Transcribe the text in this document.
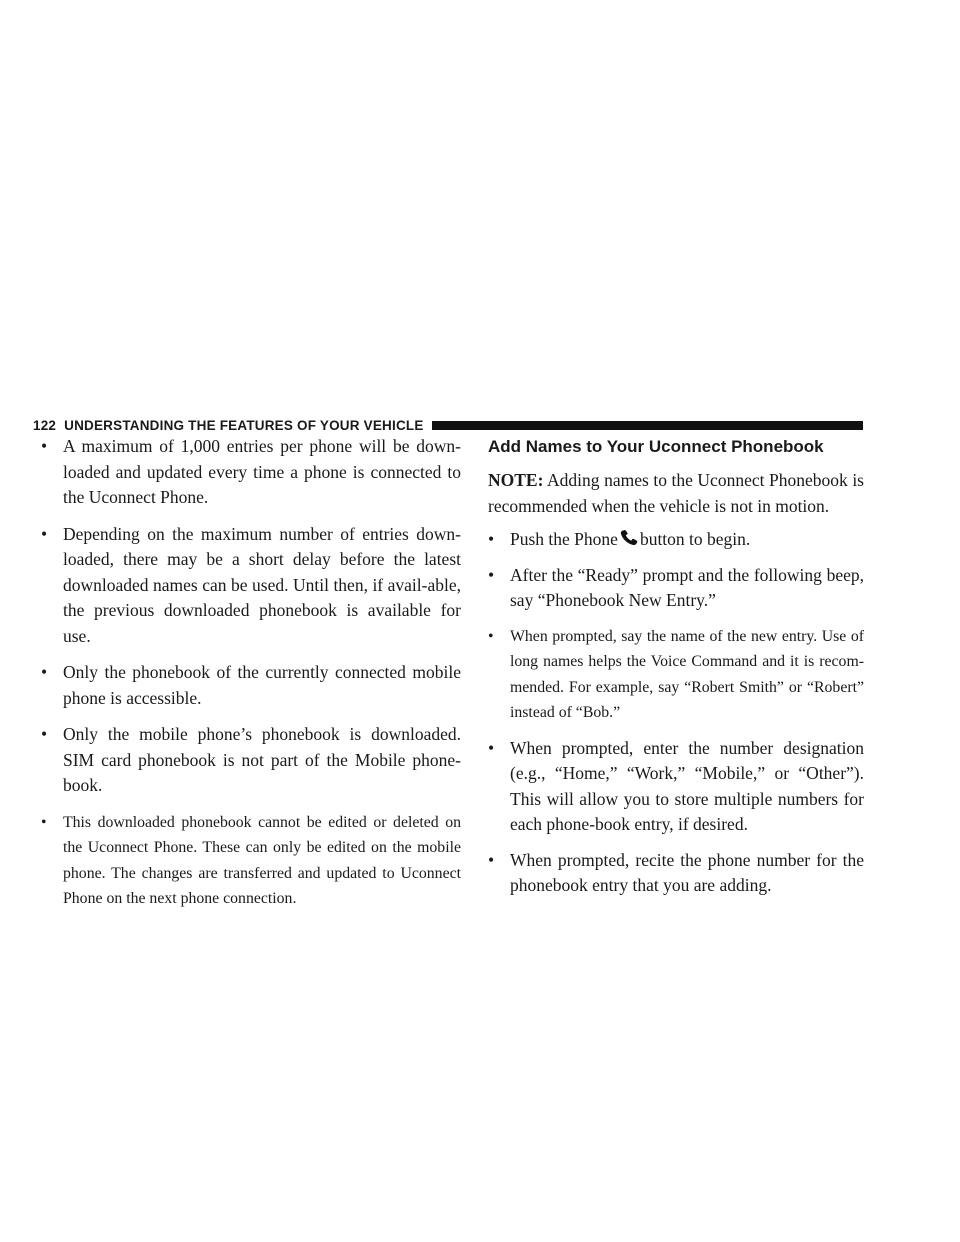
122 UNDERSTANDING THE FEATURES OF YOUR VEHICLE
• A maximum of 1,000 entries per phone will be down-loaded and updated every time a phone is connected to the Uconnect Phone.
• Depending on the maximum number of entries down-loaded, there may be a short delay before the latest downloaded names can be used. Until then, if avail-able, the previous downloaded phonebook is available for use.
• Only the phonebook of the currently connected mobile phone is accessible.
• Only the mobile phone’s phonebook is downloaded. SIM card phonebook is not part of the Mobile phone-book.
• This downloaded phonebook cannot be edited or deleted on the Uconnect Phone. These can only be edited on the mobile phone. The changes are transferred and updated to Uconnect Phone on the next phone connection.
Add Names to Your Uconnect Phonebook

NOTE: Adding names to the Uconnect Phonebook is recommended when the vehicle is not in motion.

• Push the Phone button to begin.
• After the “Ready” prompt and the following beep, say “Phonebook New Entry.”
• When prompted, say the name of the new entry. Use of long names helps the Voice Command and it is recom-mended. For example, say “Robert Smith” or “Robert” instead of “Bob.”
• When prompted, enter the number designation (e.g., “Home,” “Work,” “Mobile,” or “Other”). This will allow you to store multiple numbers for each phone-book entry, if desired.
• When prompted, recite the phone number for the phonebook entry that you are adding.
